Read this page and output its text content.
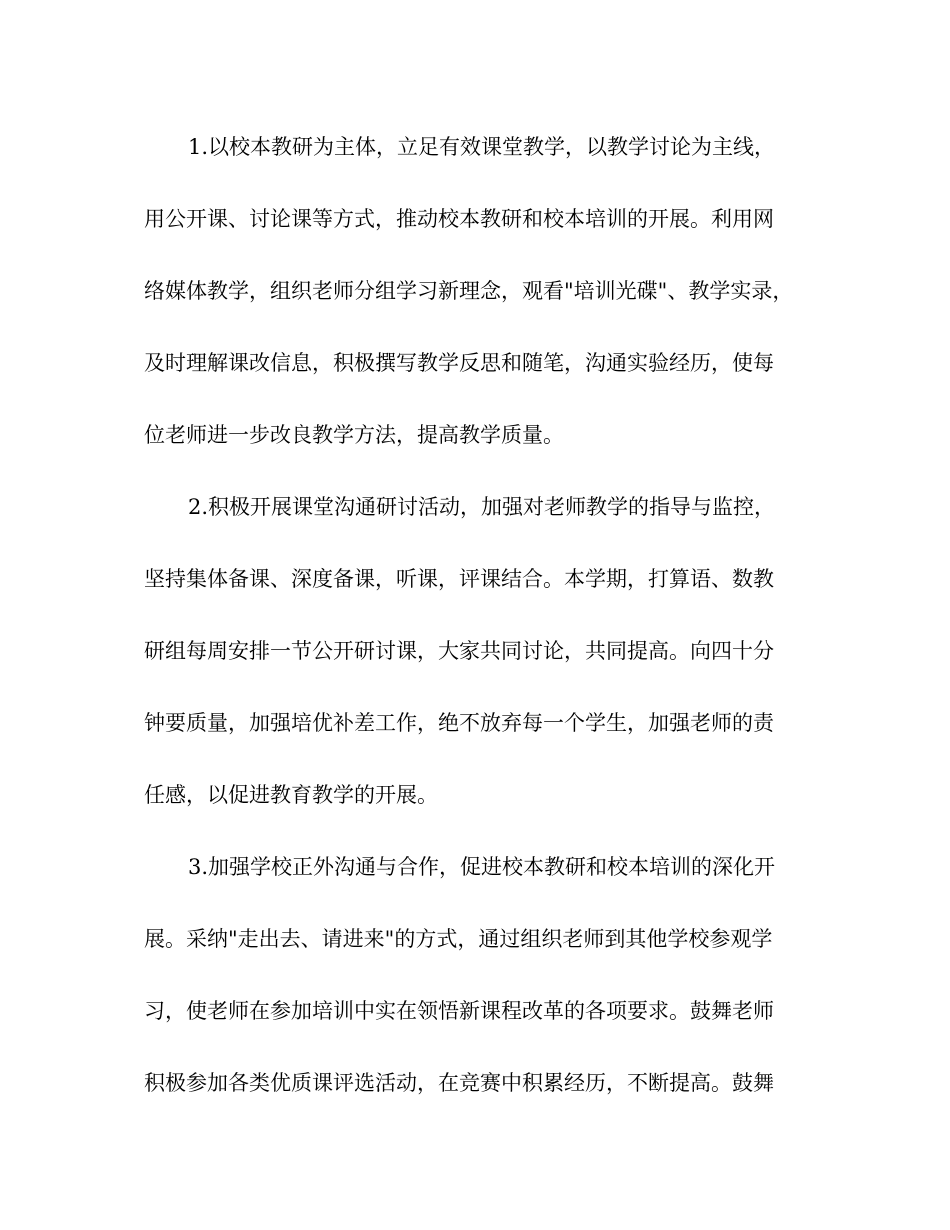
1.以校本教研为主体，立足有效课堂教学，以教学讨论为主线，
用公开课、讨论课等方式，推动校本教研和校本培训的开展。利用网
络媒体教学，组织老师分组学习新理念，观看"培训光碟"、教学实录，
及时理解课改信息，积极撰写教学反思和随笔，沟通实验经历，使每
位老师进一步改良教学方法，提高教学质量。
2.积极开展课堂沟通研讨活动，加强对老师教学的指导与监控，
坚持集体备课、深度备课，听课，评课结合。本学期，打算语、数教
研组每周安排一节公开研讨课，大家共同讨论，共同提高。向四十分
钟要质量，加强培优补差工作，绝不放弃每一个学生，加强老师的责
任感，以促进教育教学的开展。
3.加强学校正外沟通与合作，促进校本教研和校本培训的深化开
展。采纳"走出去、请进来"的方式，通过组织老师到其他学校参观学
习，使老师在参加培训中实在领悟新课程改革的各项要求。鼓舞老师
积极参加各类优质课评选活动，在竞赛中积累经历，不断提高。鼓舞
